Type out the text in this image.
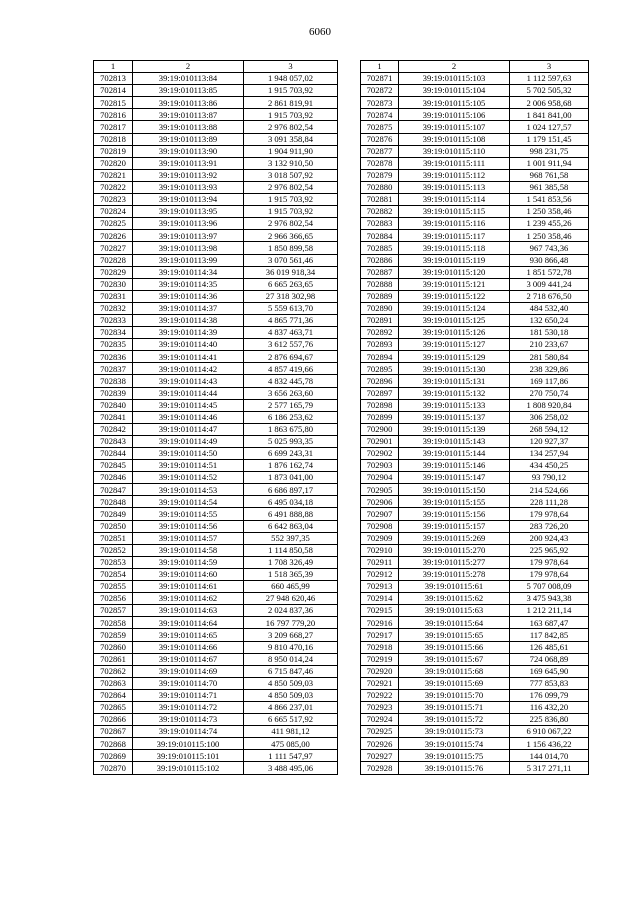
6060
1	2	3
702813	39:19:010113:84	1 948 057,02
702814	39:19:010113:85	1 915 703,92
702815	39:19:010113:86	2 861 819,91
702816	39:19:010113:87	1 915 703,92
702817	39:19:010113:88	2 976 802,54
702818	39:19:010113:89	3 091 358,84
702819	39:19:010113:90	1 904 911,90
702820	39:19:010113:91	3 132 910,50
702821	39:19:010113:92	3 018 507,92
702822	39:19:010113:93	2 976 802,54
702823	39:19:010113:94	1 915 703,92
702824	39:19:010113:95	1 915 703,92
702825	39:19:010113:96	2 976 802,54
702826	39:19:010113:97	2 966 366,65
702827	39:19:010113:98	1 850 899,58
702828	39:19:010113:99	3 070 561,46
702829	39:19:010114:34	36 019 918,34
702830	39:19:010114:35	6 665 263,65
702831	39:19:010114:36	27 318 302,98
702832	39:19:010114:37	5 559 613,70
702833	39:19:010114:38	4 865 771,36
702834	39:19:010114:39	4 837 463,71
702835	39:19:010114:40	3 612 557,76
702836	39:19:010114:41	2 876 694,67
702837	39:19:010114:42	4 857 419,66
702838	39:19:010114:43	4 832 445,78
702839	39:19:010114:44	3 656 263,60
702840	39:19:010114:45	2 577 165,79
702841	39:19:010114:46	6 186 253,62
702842	39:19:010114:47	1 863 675,80
702843	39:19:010114:49	5 025 993,35
702844	39:19:010114:50	6 699 243,31
702845	39:19:010114:51	1 876 162,74
702846	39:19:010114:52	1 873 041,00
702847	39:19:010114:53	6 686 897,17
702848	39:19:010114:54	6 495 034,18
702849	39:19:010114:55	6 491 888,88
702850	39:19:010114:56	6 642 863,04
702851	39:19:010114:57	552 397,35
702852	39:19:010114:58	1 114 850,58
702853	39:19:010114:59	1 708 326,49
702854	39:19:010114:60	1 518 365,39
702855	39:19:010114:61	660 465,99
702856	39:19:010114:62	27 948 620,46
702857	39:19:010114:63	2 024 837,36
702858	39:19:010114:64	16 797 779,20
702859	39:19:010114:65	3 209 668,27
702860	39:19:010114:66	9 810 470,16
702861	39:19:010114:67	8 950 014,24
702862	39:19:010114:69	6 715 847,46
702863	39:19:010114:70	4 850 509,03
702864	39:19:010114:71	4 850 509,03
702865	39:19:010114:72	4 866 237,01
702866	39:19:010114:73	6 665 517,92
702867	39:19:010114:74	411 981,12
702868	39:19:010115:100	475 085,00
702869	39:19:010115:101	1 111 547,97
702870	39:19:010115:102	3 488 495,06
1	2	3
702871	39:19:010115:103	1 112 597,63
702872	39:19:010115:104	5 702 505,32
702873	39:19:010115:105	2 006 958,68
702874	39:19:010115:106	1 841 841,00
702875	39:19:010115:107	1 024 127,57
702876	39:19:010115:108	1 179 151,45
702877	39:19:010115:110	998 231,75
702878	39:19:010115:111	1 001 911,94
702879	39:19:010115:112	968 761,58
702880	39:19:010115:113	961 385,58
702881	39:19:010115:114	1 541 853,56
702882	39:19:010115:115	1 250 358,46
702883	39:19:010115:116	1 239 455,26
702884	39:19:010115:117	1 250 358,46
702885	39:19:010115:118	967 743,36
702886	39:19:010115:119	930 866,48
702887	39:19:010115:120	1 851 572,78
702888	39:19:010115:121	3 009 441,24
702889	39:19:010115:122	2 718 676,50
702890	39:19:010115:124	484 532,40
702891	39:19:010115:125	132 650,24
702892	39:19:010115:126	181 530,18
702893	39:19:010115:127	210 233,67
702894	39:19:010115:129	281 580,84
702895	39:19:010115:130	238 329,86
702896	39:19:010115:131	169 117,86
702897	39:19:010115:132	270 750,74
702898	39:19:010115:133	1 808 920,84
702899	39:19:010115:137	306 258,02
702900	39:19:010115:139	268 594,12
702901	39:19:010115:143	120 927,37
702902	39:19:010115:144	134 257,94
702903	39:19:010115:146	434 450,25
702904	39:19:010115:147	93 790,12
702905	39:19:010115:150	214 524,66
702906	39:19:010115:155	228 111,28
702907	39:19:010115:156	179 978,64
702908	39:19:010115:157	283 726,20
702909	39:19:010115:269	200 924,43
702910	39:19:010115:270	225 965,92
702911	39:19:010115:277	179 978,64
702912	39:19:010115:278	179 978,64
702913	39:19:010115:61	5 707 008,09
702914	39:19:010115:62	3 475 943,38
702915	39:19:010115:63	1 212 211,14
702916	39:19:010115:64	163 687,47
702917	39:19:010115:65	117 842,85
702918	39:19:010115:66	126 485,61
702919	39:19:010115:67	724 068,89
702920	39:19:010115:68	169 645,90
702921	39:19:010115:69	777 853,83
702922	39:19:010115:70	176 099,79
702923	39:19:010115:71	116 432,20
702924	39:19:010115:72	225 836,80
702925	39:19:010115:73	6 910 067,22
702926	39:19:010115:74	1 156 436,22
702927	39:19:010115:75	144 014,70
702928	39:19:010115:76	5 317 271,11
